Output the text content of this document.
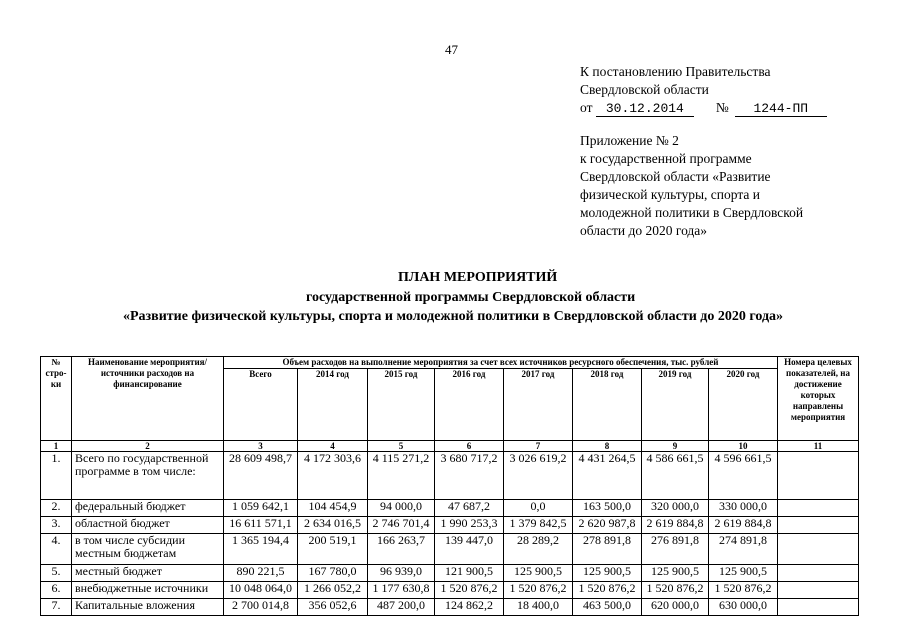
47
К постановлению Правительства
Свердловской области
от 30.12.2014 № 1244-ПП
Приложение № 2
к государственной программе
Свердловской области «Развитие
физической культуры, спорта и
молодежной политики в Свердловской
области до 2020 года»
ПЛАН МЕРОПРИЯТИЙ
государственной программы Свердловской области
«Развитие физической культуры, спорта и молодежной политики в Свердловской области до 2020 года»
№ стро-ки	Наименование мероприятия/ источники расходов на финансирование	Объем расходов на выполнение мероприятия за счет всех источников ресурсного обеспечения, тыс. рублей								Номера целевых показателей, на достижение которых направлены мероприятия
		Всего	2014 год	2015 год	2016 год	2017 год	2018 год	2019 год	2020 год	
1	2	3	4	5	6	7	8	9	10	11
1.	Всего по государственной программе в том числе:	28 609 498,7	4 172 303,6	4 115 271,2	3 680 717,2	3 026 619,2	4 431 264,5	4 586 661,5	4 596 661,5	
2.	федеральный бюджет	1 059 642,1	104 454,9	94 000,0	47 687,2	0,0	163 500,0	320 000,0	330 000,0	
3.	областной бюджет	16 611 571,1	2 634 016,5	2 746 701,4	1 990 253,3	1 379 842,5	2 620 987,8	2 619 884,8	2 619 884,8	
4.	в том числе субсидии местным бюджетам	1 365 194,4	200 519,1	166 263,7	139 447,0	28 289,2	278 891,8	276 891,8	274 891,8	
5.	местный бюджет	890 221,5	167 780,0	96 939,0	121 900,5	125 900,5	125 900,5	125 900,5	125 900,5	
6.	внебюджетные источники	10 048 064,0	1 266 052,2	1 177 630,8	1 520 876,2	1 520 876,2	1 520 876,2	1 520 876,2	1 520 876,2	
7.	Капитальные вложения	2 700 014,8	356 052,6	487 200,0	124 862,2	18 400,0	463 500,0	620 000,0	630 000,0	
